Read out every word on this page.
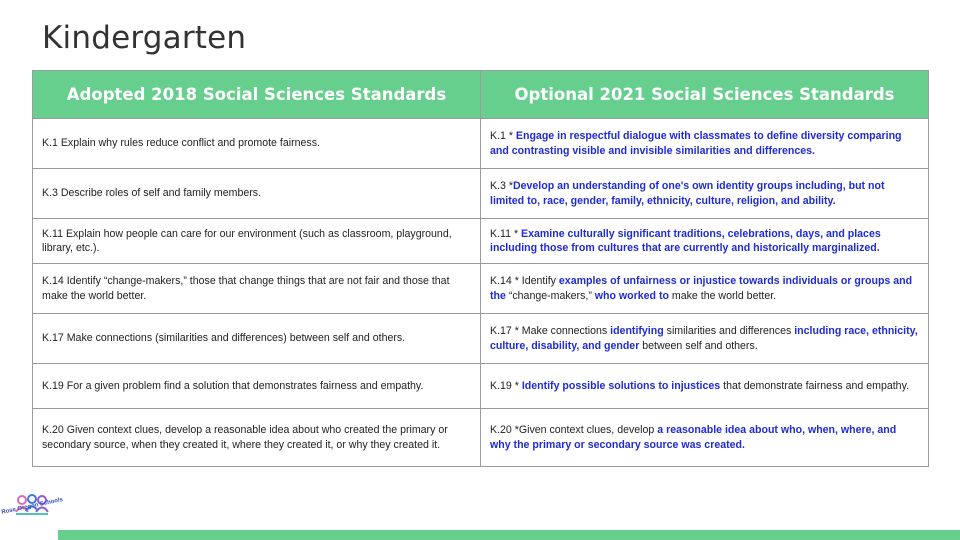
Kindergarten
Adopted 2018 Social Sciences Standards	Optional 2021 Social Sciences Standards
K.1 Explain why rules reduce conflict and promote fairness.	K.1 * Engage in respectful dialogue with classmates to define diversity comparing and contrasting visible and invisible similarities and differences.
K.3 Describe roles of self and family members.	K.3 *Develop an understanding of one's own identity groups including, but not limited to, race, gender, family, ethnicity, culture, religion, and ability.
K.11 Explain how people can care for our environment (such as classroom, playground, library, etc.).	K.11 * Examine culturally significant traditions, celebrations, days, and places including those from cultures that are currently and historically marginalized.
K.14 Identify “change-makers,” those that change things that are not fair and those that make the world better.	K.14 * Identify examples of unfairness or injustice towards individuals or groups and the “change-makers,” who worked to make the world better.
K.17 Make connections (similarities and differences) between self and others.	K.17 * Make connections identifying similarities and differences including race, ethnicity, culture, disability, and gender between self and others.
K.19 For a given problem find a solution that demonstrates fairness and empathy.	K.19 * Identify possible solutions to injustices that demonstrate fairness and empathy.
K.20 Given context clues, develop a reasonable idea about who created the primary or secondary source, when they created it, where they created it, or why they created it.	K.20 *Given context clues, develop a reasonable idea about who, when, where, and why the primary or secondary source was created.
Rose Oregon Schools
